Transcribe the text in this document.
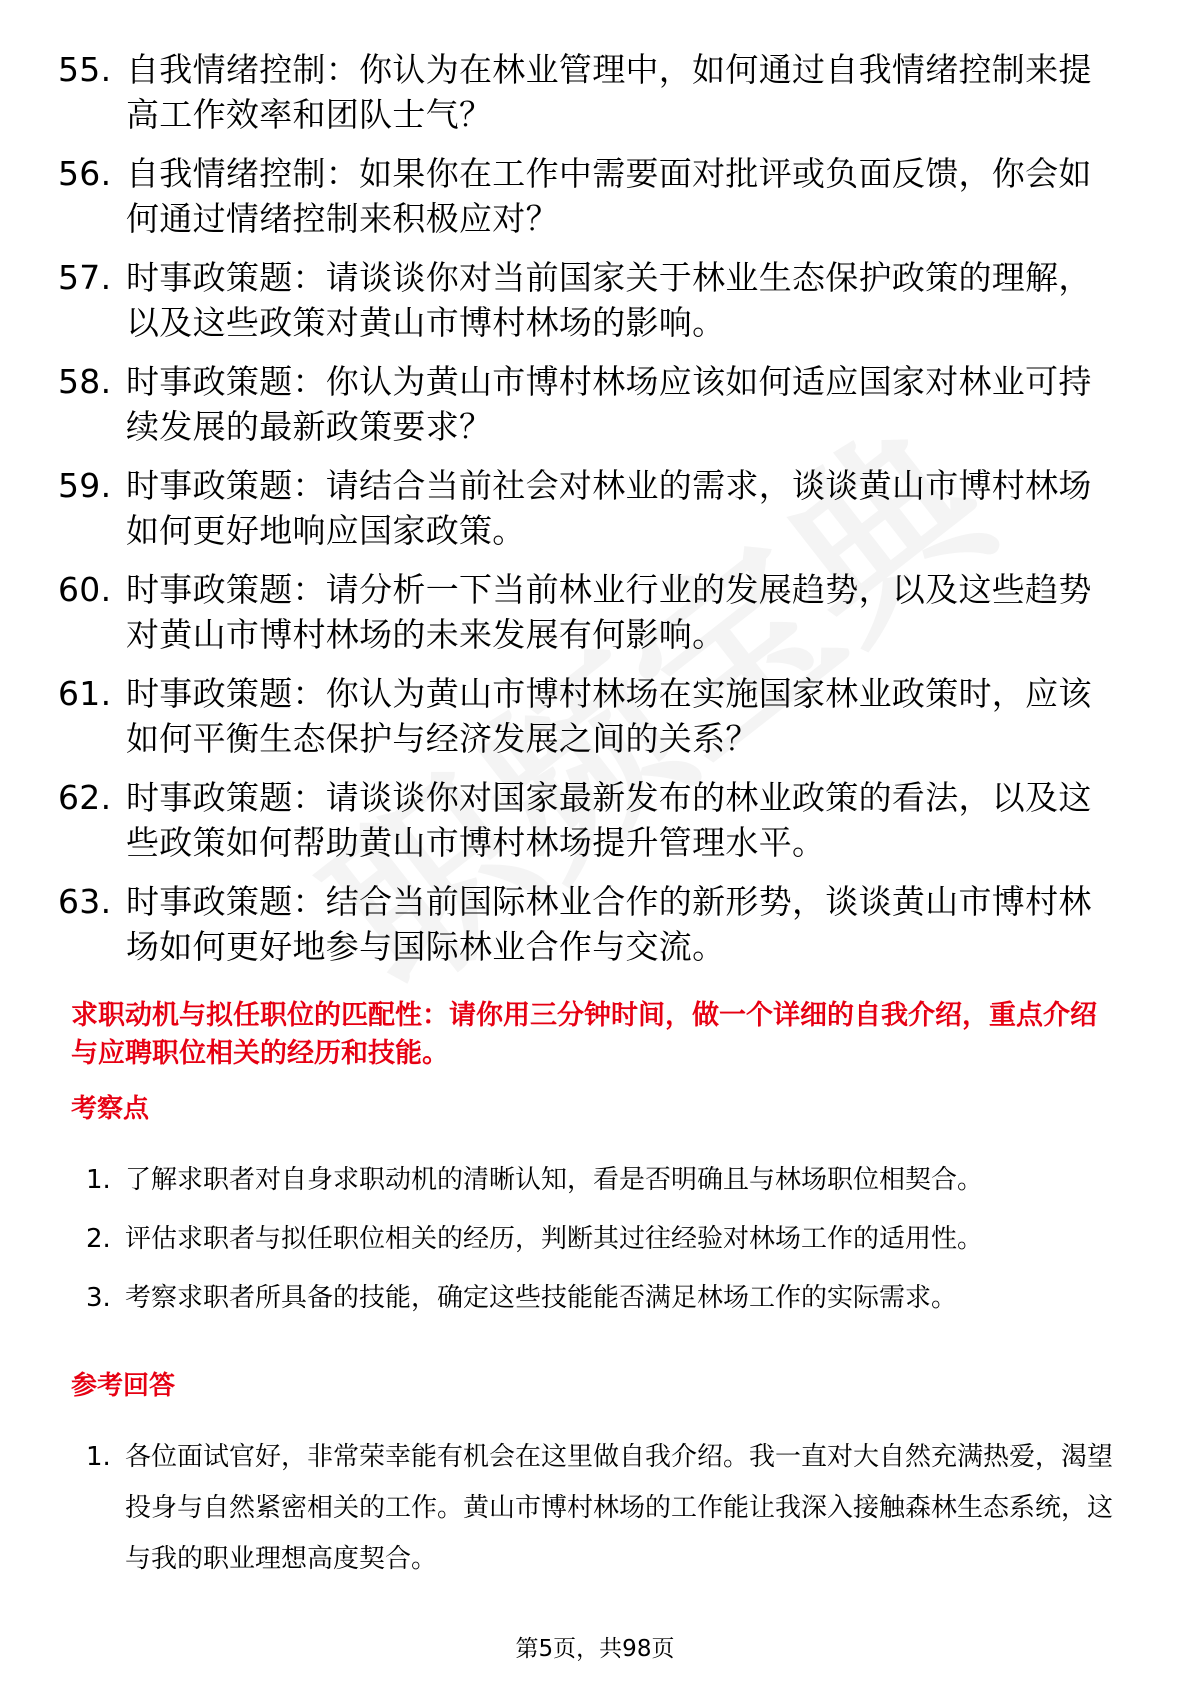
55. 自我情绪控制：你认为在林业管理中，如何通过自我情绪控制来提高工作效率和团队士气？
56. 自我情绪控制：如果你在工作中需要面对批评或负面反馈，你会如何通过情绪控制来积极应对？
57. 时事政策题：请谈谈你对当前国家关于林业生态保护政策的理解，以及这些政策对黄山市博村林场的影响。
58. 时事政策题：你认为黄山市博村林场应该如何适应国家对林业可持续发展的最新政策要求？
59. 时事政策题：请结合当前社会对林业的需求，谈谈黄山市博村林场如何更好地响应国家政策。
60. 时事政策题：请分析一下当前林业行业的发展趋势，以及这些趋势对黄山市博村林场的未来发展有何影响。
61. 时事政策题：你认为黄山市博村林场在实施国家林业政策时，应该如何平衡生态保护与经济发展之间的关系？
62. 时事政策题：请谈谈你对国家最新发布的林业政策的看法，以及这些政策如何帮助黄山市博村林场提升管理水平。
63. 时事政策题：结合当前国际林业合作的新形势，谈谈黄山市博村林场如何更好地参与国际林业合作与交流。
求职动机与拟任职位的匹配性：请你用三分钟时间，做一个详细的自我介绍，重点介绍与应聘职位相关的经历和技能。
考察点
1. 了解求职者对自身求职动机的清晰认知，看是否明确且与林场职位相契合。
2. 评估求职者与拟任职位相关的经历，判断其过往经验对林场工作的适用性。
3. 考察求职者所具备的技能，确定这些技能能否满足林场工作的实际需求。
参考回答
1. 各位面试官好，非常荣幸能有机会在这里做自我介绍。我一直对大自然充满热爱，渴望投身与自然紧密相关的工作。黄山市博村林场的工作能让我深入接触森林生态系统，这与我的职业理想高度契合。
第5页，共98页
